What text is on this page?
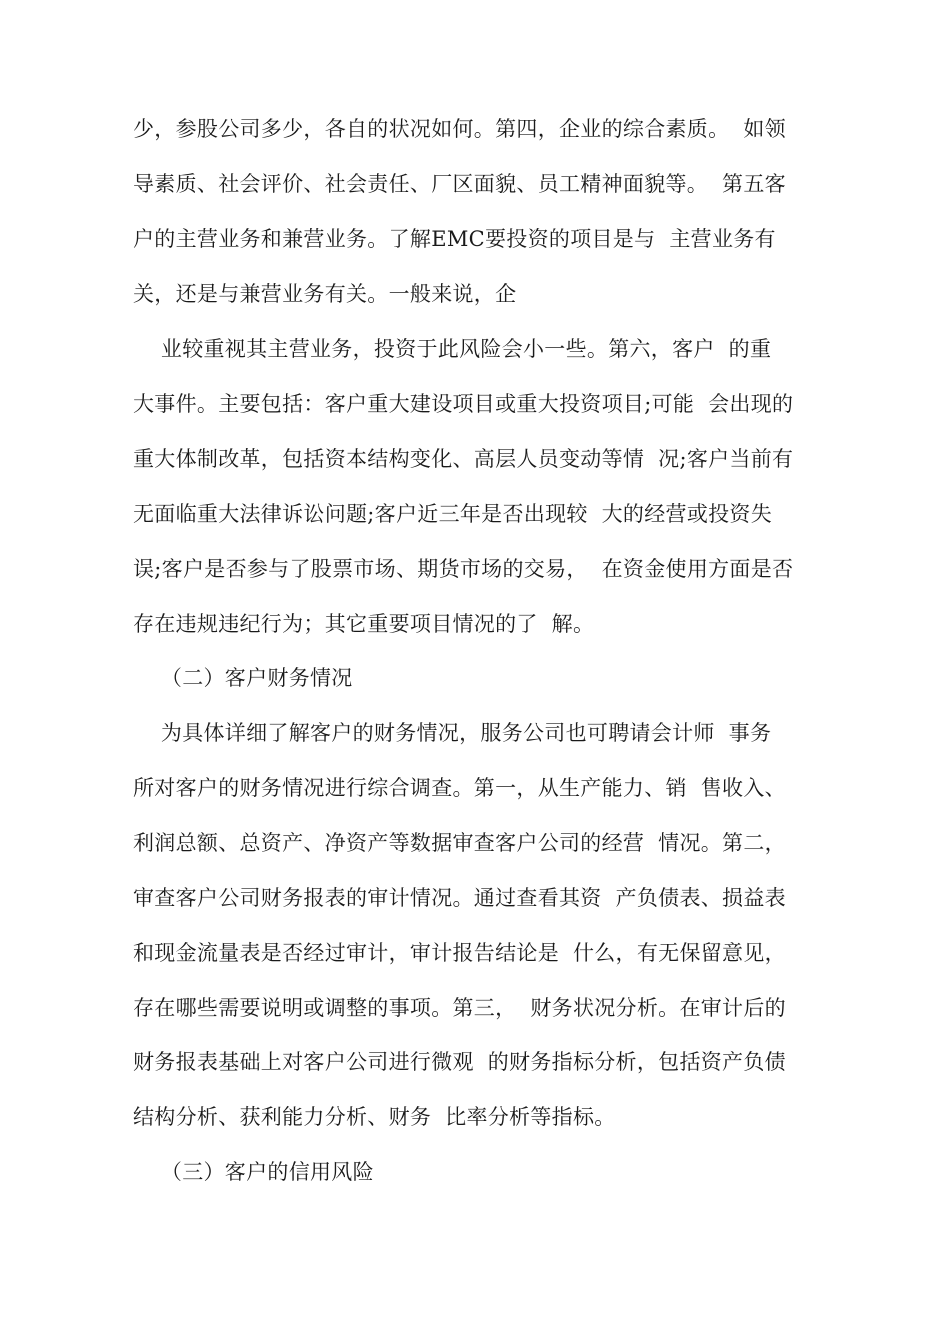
少，参股公司多少，各自的状况如何。第四，企业的综合素质。  如领
导素质、社会评价、社会责任、厂区面貌、员工精神面貌等。  第五客
户的主营业务和兼营业务。了解EMC要投资的项目是与  主营业务有
关，还是与兼营业务有关。一般来说，企
业较重视其主营业务，投资于此风险会小一些。第六，客户  的重
大事件。主要包括：客户重大建设项目或重大投资项目;可能  会出现的
重大体制改革，包括资本结构变化、高层人员变动等情  况;客户当前有
无面临重大法律诉讼问题;客户近三年是否出现较  大的经营或投资失
误;客户是否参与了股票市场、期货市场的交易，  在资金使用方面是否
存在违规违纪行为；其它重要项目情况的了  解。
（二）客户财务情况
为具体详细了解客户的财务情况，服务公司也可聘请会计师  事务
所对客户的财务情况进行综合调查。第一，从生产能力、销  售收入、
利润总额、总资产、净资产等数据审查客户公司的经营  情况。第二，
审查客户公司财务报表的审计情况。通过查看其资  产负债表、损益表
和现金流量表是否经过审计，审计报告结论是  什么，有无保留意见，
存在哪些需要说明或调整的事项。第三，  财务状况分析。在审计后的
财务报表基础上对客户公司进行微观  的财务指标分析，包括资产负债
结构分析、获利能力分析、财务  比率分析等指标。
（三）客户的信用风险
